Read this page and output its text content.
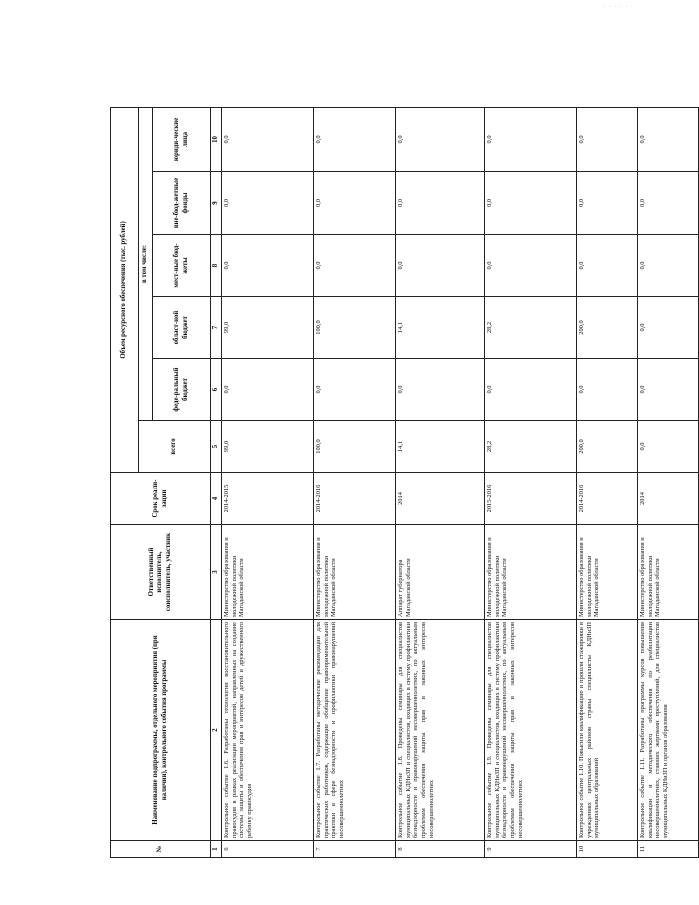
· · · · · ·
№	Наименование подпрограммы, отдельного мероприятия (при наличии), контрольного события программы	Ответственный исполнитель, соисполнитель, участник	Срок реали-зации	Объем ресурсного обеспечения (тыс. рублей)					
				всего	в том числе:				
					феде-ральный бюджет	област-ной бюджет	мест-ные бюд-жеты	вне-бюд-жетные фонды	юриди-ческие лица
1	2	3	4	5	6	7	8	9	10
6	Контрольное событие 1.6. Разработаны технологии восстановительного правосудия в рамках реализации мероприятий, направленных на создание системы защиты и обеспечения прав и интересов детей и дружественного ребенку правосудия	Министерство образования и молодежной политики Магаданской области	2014-2015	99,0	0,0	99,0	0,0	0,0	0,0
7	Контрольное событие 1.7. Разработаны методические рекомендации для практических работников, содержащие обобщение правоприменительной практики в сфере безнадзорности и профилактики правонарушений несовершеннолетних	Министерство образования и молодежной политики Магаданской области	2014-2016	100,0	0,0	100,0	0,0	0,0	0,0
8	Контрольное событие 1.8. Проведены семинары для специалистов муниципальных КДНиЗП и специалистов, входящих в систему профилактики безнадзорности и правонарушений несовершеннолетних, по актуальным проблемам обеспечения защиты прав и законных интересов несовершеннолетних	Аппарат губернатора Магаданской области	2014	14,1	0,0	14,1	0,0	0,0	0,0
9	Контрольное событие 1.9. Проведены семинары для специалистов муниципальных КДНиЗП и специалистов, входящих в систему профилактики безнадзорности и правонарушений несовершеннолетних, по актуальным проблемам обеспечения защиты прав и законных интересов несовершеннолетних	Министерство образования и молодежной политики Магаданской области	2015-2016	28,2	0,0	28,2	0,0	0,0	0,0
10	Контрольное событие 1.10. Повысили квалификацию и прошли стажировки в учреждениях центральных районов страны специалисты КДНиЗП муниципальных образований	Министерство образования и молодежной политики Магаданской области	2014-2016	200,0	0,0	200,0	0,0	0,0	0,0
11	Контрольное событие 1.11. Разработаны программы курсов повышения квалификации и методического обеспечения по реабилитации несовершеннолетних, ставших жертвами преступлений, для специалистов муниципальных КДНиЗП и органов образования	Министерство образования и молодежной политики Магаданской области	2014	0,0	0,0	0,0	0,0	0,0	0,0
